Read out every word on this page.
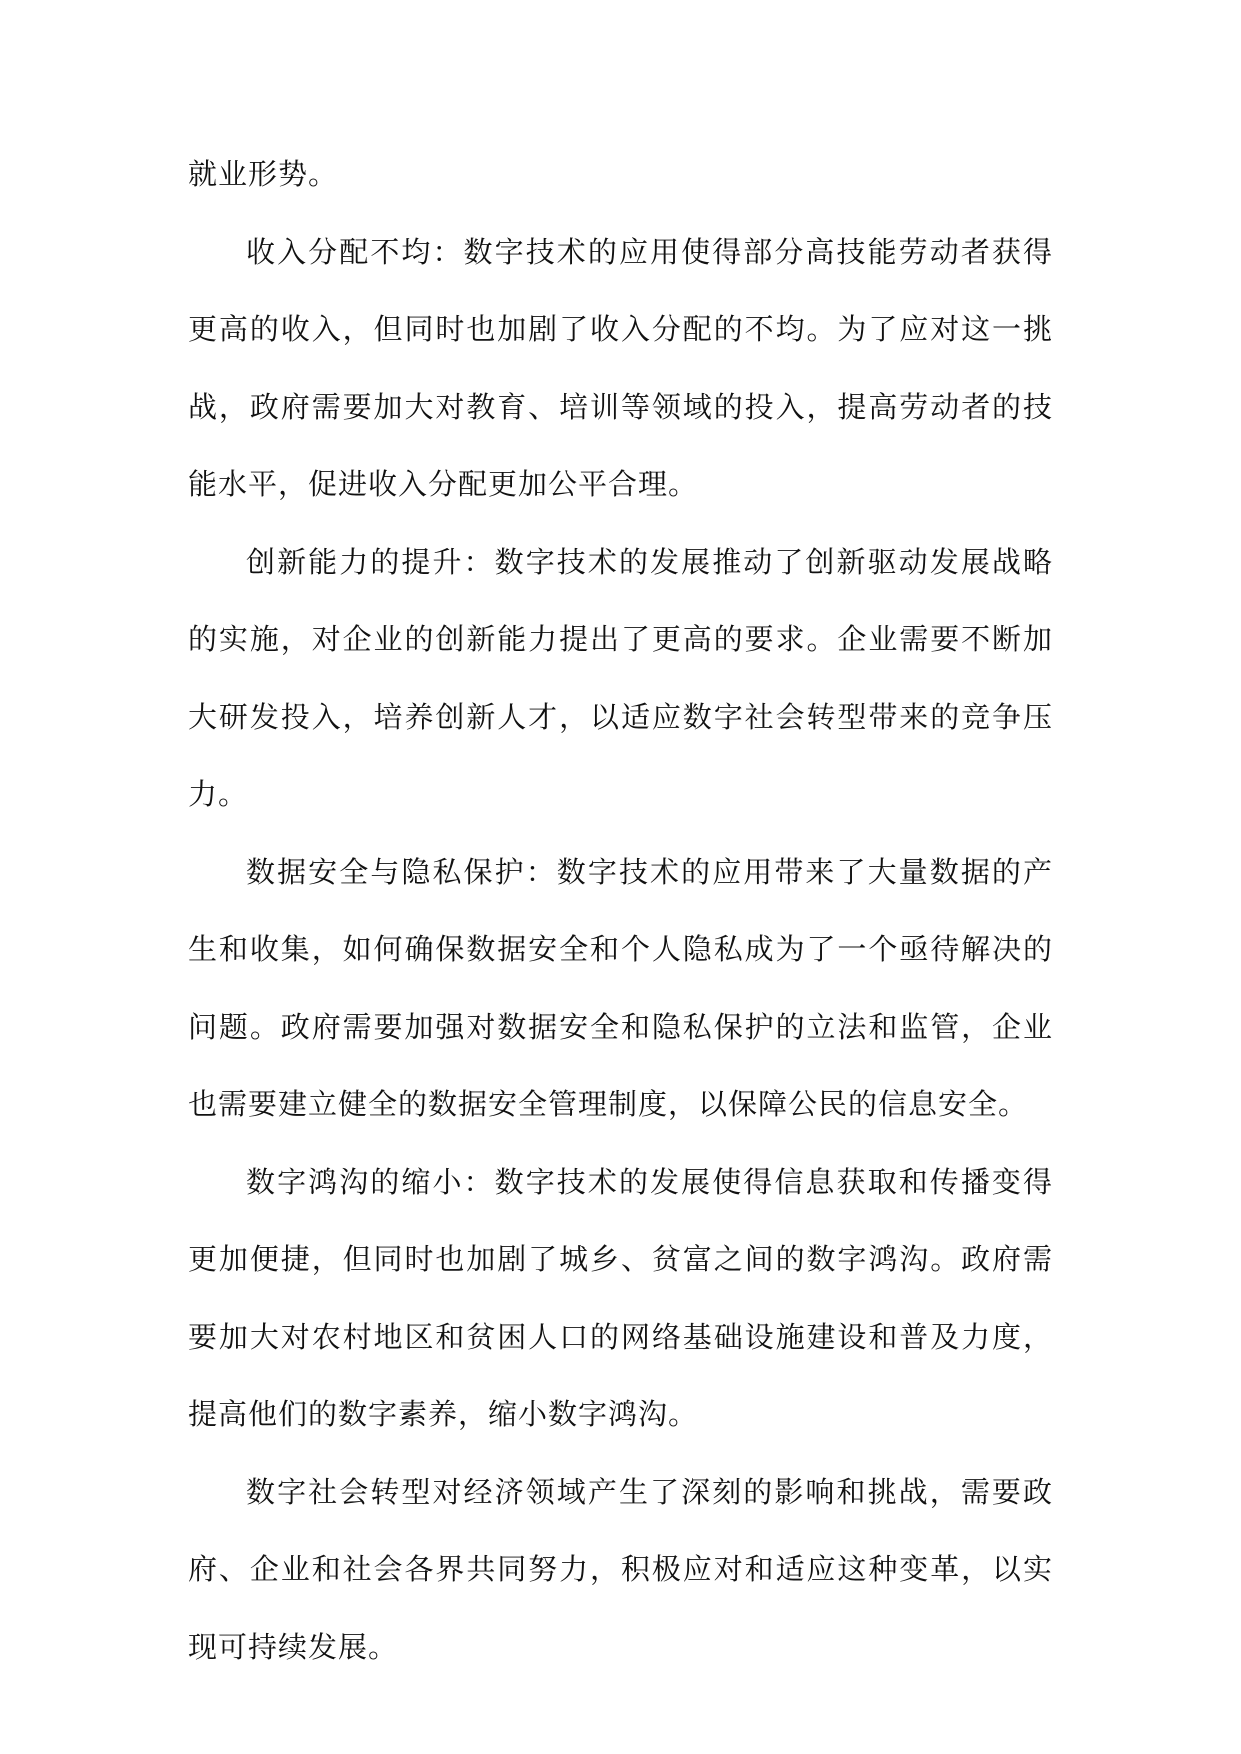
就业形势。

收入分配不均：数字技术的应用使得部分高技能劳动者获得更高的收入，但同时也加剧了收入分配的不均。为了应对这一挑战，政府需要加大对教育、培训等领域的投入，提高劳动者的技能水平，促进收入分配更加公平合理。

创新能力的提升：数字技术的发展推动了创新驱动发展战略的实施，对企业的创新能力提出了更高的要求。企业需要不断加大研发投入，培养创新人才，以适应数字社会转型带来的竞争压力。

数据安全与隐私保护：数字技术的应用带来了大量数据的产生和收集，如何确保数据安全和个人隐私成为了一个亟待解决的问题。政府需要加强对数据安全和隐私保护的立法和监管，企业也需要建立健全的数据安全管理制度，以保障公民的信息安全。

数字鸿沟的缩小：数字技术的发展使得信息获取和传播变得更加便捷，但同时也加剧了城乡、贫富之间的数字鸿沟。政府需要加大对农村地区和贫困人口的网络基础设施建设和普及力度，提高他们的数字素养，缩小数字鸿沟。

数字社会转型对经济领域产生了深刻的影响和挑战，需要政府、企业和社会各界共同努力，积极应对和适应这种变革，以实现可持续发展。
